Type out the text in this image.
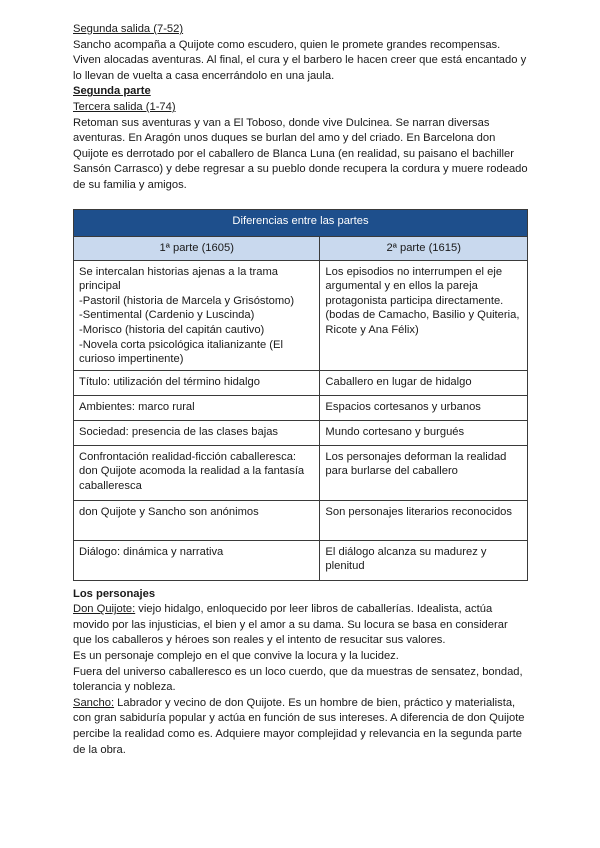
Segunda salida (7-52)

Sancho acompaña a Quijote como escudero, quien le promete grandes recompensas. Viven alocadas aventuras. Al final, el cura y el barbero le hacen creer que está encantado y lo llevan de vuelta a casa encerrándolo en una jaula.

Segunda parte

Tercera salida (1-74)

Retoman sus aventuras y van a El Toboso, donde vive Dulcinea. Se narran diversas aventuras. En Aragón unos duques se burlan del amo y del criado. En Barcelona don Quijote es derrotado por el caballero de Blanca Luna (en realidad, su paisano el bachiller Sansón Carrasco) y debe regresar a su pueblo donde recupera la cordura y muere rodeado de su familia y amigos.

Diferencias entre las partes	
1ª parte (1605)	2ª parte (1615)

Se intercalan historias ajenas a la trama principal
-Pastoril (historia de Marcela y Grisóstomo)
-Sentimental (Cardenio y Luscinda)
-Morisco (historia del capitán cautivo)
-Novela corta psicológica italianizante (El curioso impertinente)	Los episodios no interrumpen el eje argumental y en ellos la pareja protagonista participa directamente. (bodas de Camacho, Basilio y Quiteria, Ricote y Ana Félix)
Título: utilización del término hidalgo	Caballero en lugar de hidalgo
Ambientes: marco rural	Espacios cortesanos y urbanos
Sociedad: presencia de las clases bajas	Mundo cortesano y burgués
Confrontación realidad-ficción caballeresca: don Quijote acomoda la realidad a la fantasía caballeresca	Los personajes deforman la realidad para burlarse del caballero
don Quijote y Sancho son anónimos	Son personajes literarios reconocidos
Diálogo: dinámica y narrativa	El diálogo alcanza su madurez y plenitud

Los personajes

Don Quijote: viejo hidalgo, enloquecido por leer libros de caballerías. Idealista, actúa movido por las injusticias, el bien y el amor a su dama. Su locura se basa en considerar que los caballeros y héroes son reales y el intento de resucitar sus valores.

Es un personaje complejo en el que convive la locura y la lucidez.

Fuera del universo caballeresco es un loco cuerdo, que da muestras de sensatez, bondad, tolerancia y nobleza.

Sancho: Labrador y vecino de don Quijote. Es un hombre de bien, práctico y materialista, con gran sabiduría popular y actúa en función de sus intereses. A diferencia de don Quijote percibe la realidad como es. Adquiere mayor complejidad y relevancia en la segunda parte de la obra.
